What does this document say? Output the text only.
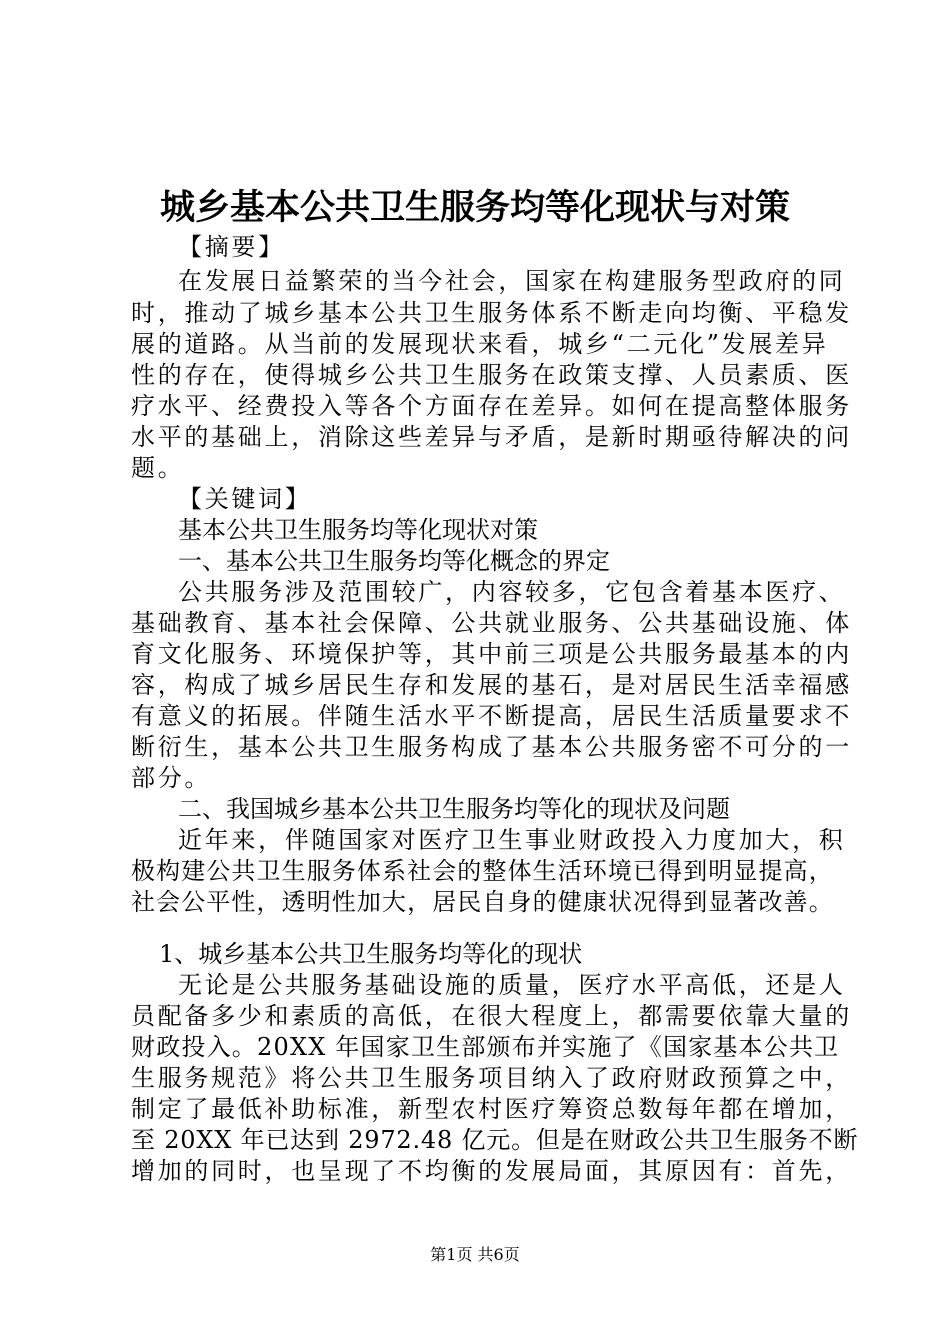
城乡基本公共卫生服务均等化现状与对策
【摘要】
在发展日益繁荣的当今社会，国家在构建服务型政府的同
时，推动了城乡基本公共卫生服务体系不断走向均衡、平稳发
展的道路。从当前的发展现状来看，城乡“二元化”发展差异
性的存在，使得城乡公共卫生服务在政策支撑、人员素质、医
疗水平、经费投入等各个方面存在差异。如何在提高整体服务
水平的基础上，消除这些差异与矛盾，是新时期亟待解决的问
题。
【关键词】
基本公共卫生服务均等化现状对策
一、基本公共卫生服务均等化概念的界定
公共服务涉及范围较广，内容较多，它包含着基本医疗、
基础教育、基本社会保障、公共就业服务、公共基础设施、体
育文化服务、环境保护等，其中前三项是公共服务最基本的内
容，构成了城乡居民生存和发展的基石，是对居民生活幸福感
有意义的拓展。伴随生活水平不断提高，居民生活质量要求不
断衍生，基本公共卫生服务构成了基本公共服务密不可分的一
部分。
二、我国城乡基本公共卫生服务均等化的现状及问题
近年来，伴随国家对医疗卫生事业财政投入力度加大，积
极构建公共卫生服务体系社会的整体生活环境已得到明显提高，
社会公平性，透明性加大，居民自身的健康状况得到显著改善。
1、城乡基本公共卫生服务均等化的现状
无论是公共服务基础设施的质量，医疗水平高低，还是人
员配备多少和素质的高低，在很大程度上，都需要依靠大量的
财政投入。20XX 年国家卫生部颁布并实施了《国家基本公共卫
生服务规范》将公共卫生服务项目纳入了政府财政预算之中，
制定了最低补助标准，新型农村医疗筹资总数每年都在增加，
至 20XX 年已达到 2972.48 亿元。但是在财政公共卫生服务不断
增加的同时，也呈现了不均衡的发展局面，其原因有：首先，
第1页 共6页
